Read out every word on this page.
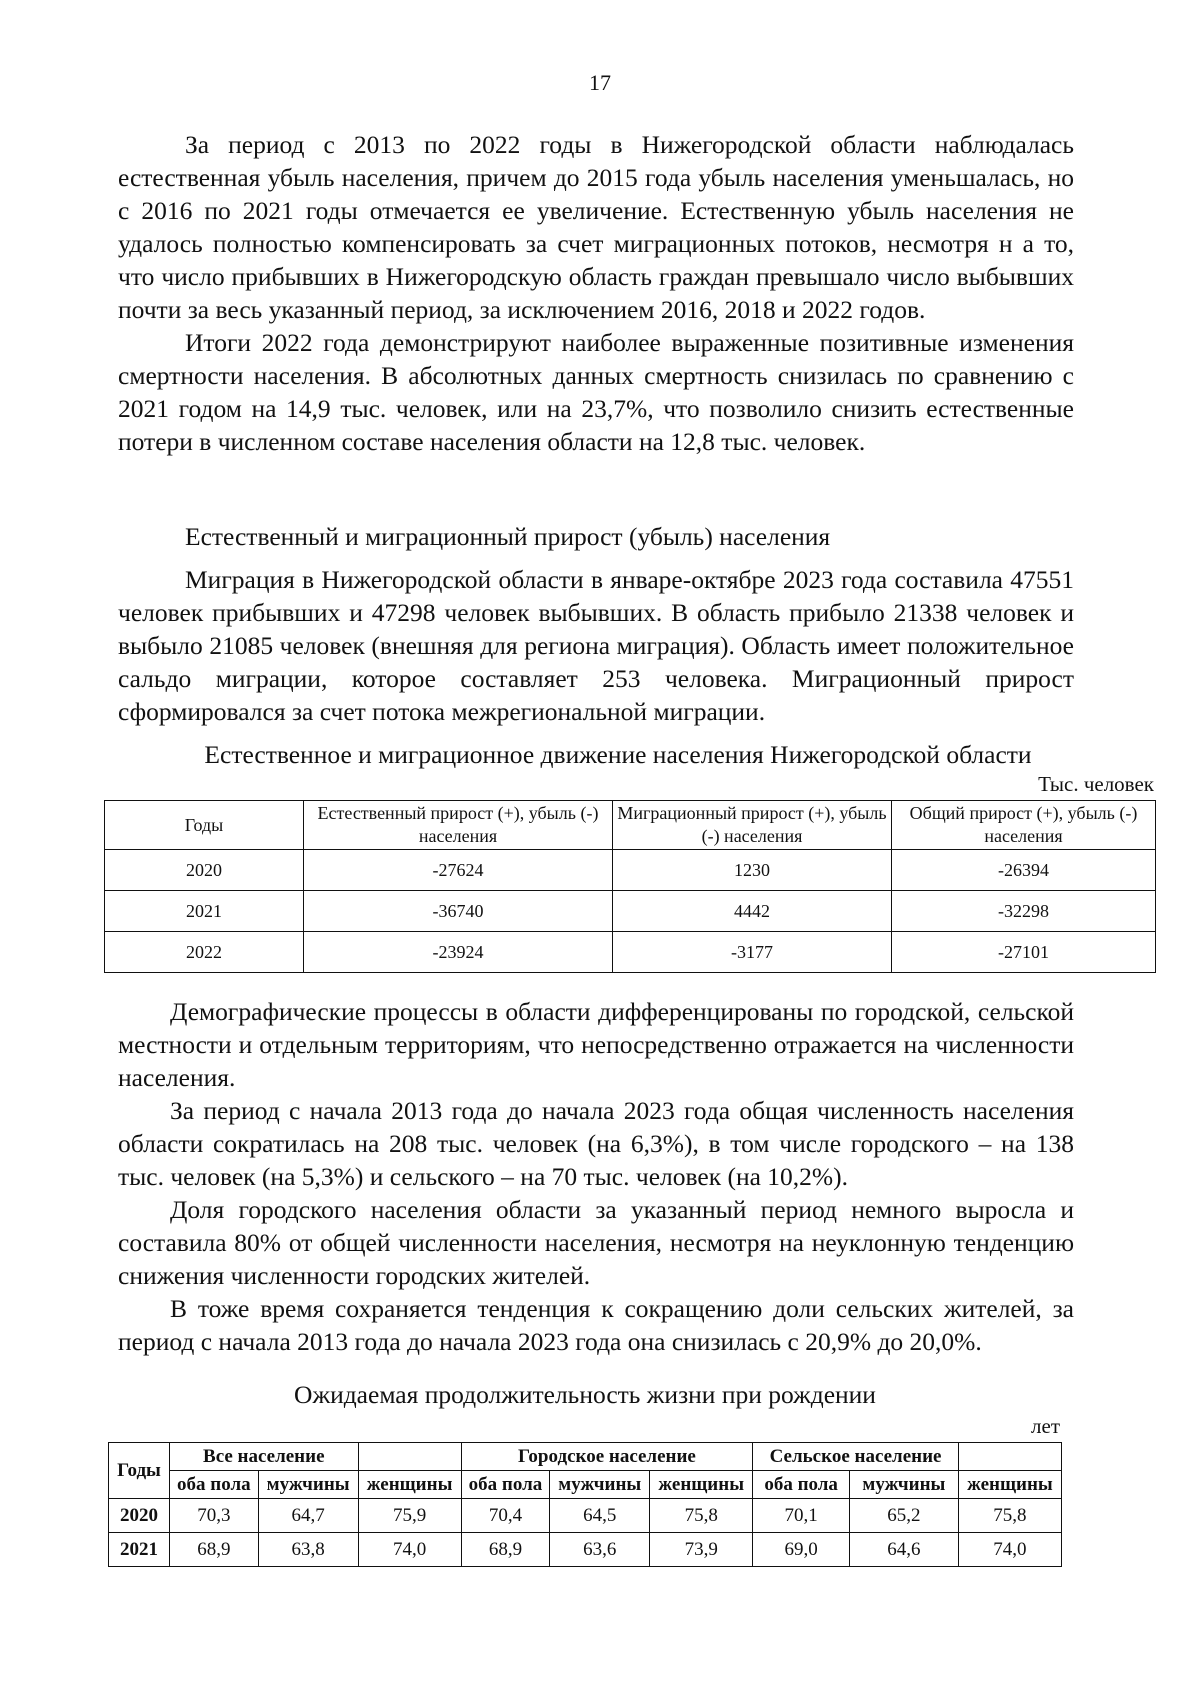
17

За период с 2013 по 2022 годы в Нижегородской области наблюдалась естественная убыль населения, причем до 2015 года убыль населения уменьшалась, но с 2016 по 2021 годы отмечается ее увеличение. Естественную убыль населения не удалось полностью компенсировать за счет миграционных потоков, несмотря н а то, что число прибывших в Нижегородскую область граждан превышало число выбывших почти за весь указанный период, за исключением 2016, 2018 и 2022 годов.

Итоги 2022 года демонстрируют наиболее выраженные позитивные изменения смертности населения. В абсолютных данных смертность снизилась по сравнению с 2021 годом на 14,9 тыс. человек, или на 23,7%, что позволило снизить естественные потери в численном составе населения области на 12,8 тыс. человек.

Естественный и миграционный прирост (убыль) населения

Миграция в Нижегородской области в январе-октябре 2023 года составила 47551 человек прибывших и 47298 человек выбывших. В область прибыло 21338 человек и выбыло 21085 человек (внешняя для региона миграция). Область имеет положительное сальдо миграции, которое составляет 253 человека. Миграционный прирост сформировался за счет потока межрегиональной миграции.

Естественное и миграционное движение населения Нижегородской области

Тыс. человек
Годы	Естественный прирост (+), убыль (-) населения	Миграционный прирост (+), убыль (-) населения	Общий прирост (+), убыль (-) населения
2020	-27624	1230	-26394
2021	-36740	4442	-32298
2022	-23924	-3177	-27101

Демографические процессы в области дифференцированы по городской, сельской местности и отдельным территориям, что непосредственно отражается на численности населения.

За период с начала 2013 года до начала 2023 года общая численность населения области сократилась на 208 тыс. человек (на 6,3%), в том числе городского – на 138 тыс. человек (на 5,3%) и сельского – на 70 тыс. человек (на 10,2%).

Доля городского населения области за указанный период немного выросла и составила 80% от общей численности населения, несмотря на неуклонную тенденцию снижения численности городских жителей.

В тоже время сохраняется тенденция к сокращению доли сельских жителей, за период с начала 2013 года до начала 2023 года она снизилась с 20,9% до 20,0%.

Ожидаемая продолжительность жизни при рождении

лет
Годы	Все население			Городское население			Сельское население		
	оба пола	мужчины	женщины	оба пола	мужчины	женщины	оба пола	мужчины	женщины
2020	70,3	64,7	75,9	70,4	64,5	75,8	70,1	65,2	75,8
2021	68,9	63,8	74,0	68,9	63,6	73,9	69,0	64,6	74,0
